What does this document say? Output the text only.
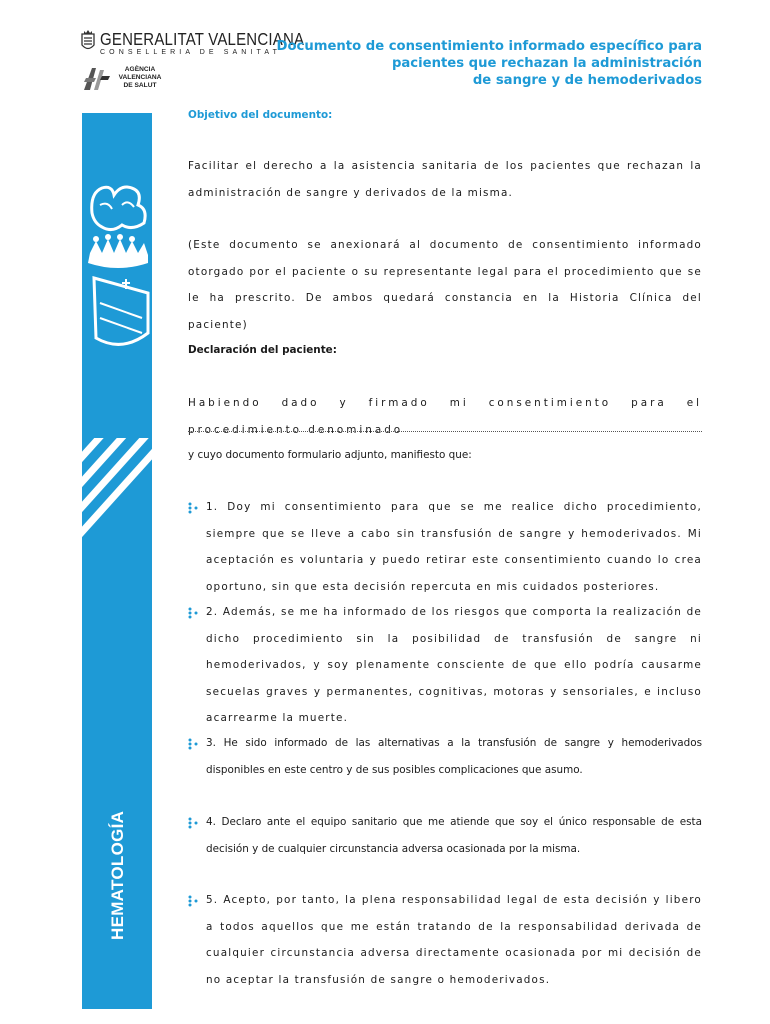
GENERALITAT VALENCIANA
CONSELLERIA DE SANITAT
AGÈNCIA
VALENCIANA
DE SALUT
Documento de consentimiento informado específico para
pacientes que rechazan la administración
de sangre y de hemoderivados
HEMATOLOGÍA

Objetivo del documento:

Facilitar el derecho a la asistencia sanitaria de los pacientes que rechazan la administración de sangre y derivados de la misma.

(Este documento se anexionará al documento de consentimiento informado otorgado por el paciente o su representante legal para el procedimiento que se le ha prescrito. De ambos quedará constancia en la Historia Clínica del paciente)

Declaración del paciente:

Habiendo dado y firmado mi consentimiento para el procedimiento denominado

y cuyo documento formulario adjunto, manifiesto que:

1. Doy mi consentimiento para que se me realice dicho procedimiento, siempre que se lleve a cabo sin transfusión de sangre y hemoderivados. Mi aceptación es voluntaria y puedo retirar este consentimiento cuando lo crea oportuno, sin que esta decisión repercuta en mis cuidados posteriores.

2. Además, se me ha informado de los riesgos que comporta la realización de dicho procedimiento sin la posibilidad de transfusión de sangre ni hemoderivados, y soy plenamente consciente de que ello podría causarme secuelas graves y permanentes, cognitivas, motoras y sensoriales, e incluso acarrearme la muerte.

3. He sido informado de las alternativas a la transfusión de sangre y hemoderivados disponibles en este centro y de sus posibles complicaciones que asumo.

4. Declaro ante el equipo sanitario que me atiende que soy el único responsable de esta decisión y de cualquier circunstancia adversa ocasionada por la misma.

5. Acepto, por tanto, la plena responsabilidad legal de esta decisión y libero a todos aquellos que me están tratando de la responsabilidad derivada de cualquier circunstancia adversa directamente ocasionada por mi decisión de no aceptar la transfusión de sangre o hemoderivados.
